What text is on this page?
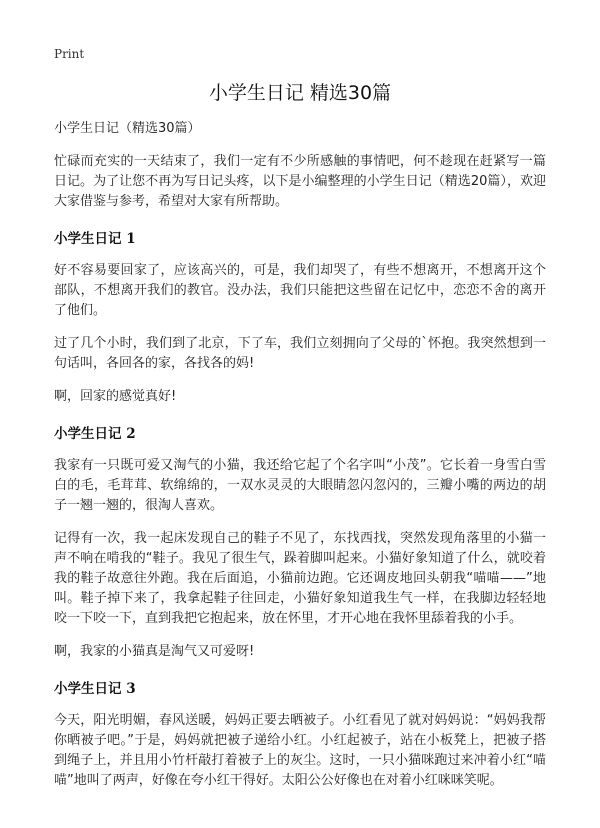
Print
小学生日记 精选30篇

小学生日记（精选30篇）

忙碌而充实的一天结束了，我们一定有不少所感触的事情吧，何不趁现在赶紧写一篇日记。为了让您不再为写日记头疼，以下是小编整理的小学生日记（精选20篇），欢迎大家借鉴与参考，希望对大家有所帮助。

小学生日记 1

好不容易要回家了，应该高兴的，可是，我们却哭了，有些不想离开，不想离开这个部队，不想离开我们的教官。没办法，我们只能把这些留在记忆中，恋恋不舍的离开了他们。

过了几个小时，我们到了北京，下了车，我们立刻拥向了父母的`怀抱。我突然想到一句话叫，各回各的家，各找各的妈!

啊，回家的感觉真好!

小学生日记 2

我家有一只既可爱又淘气的小猫，我还给它起了个名字叫“小茂”。它长着一身雪白雪白的毛，毛茸茸、软绵绵的，一双水灵灵的大眼睛忽闪忽闪的，三瓣小嘴的两边的胡子一翘一翘的，很淘人喜欢。

记得有一次，我一起床发现自己的鞋子不见了，东找西找，突然发现角落里的小猫一声不响在啃我的“鞋子。我见了很生气，跺着脚叫起来。小猫好象知道了什么，就咬着我的鞋子故意往外跑。我在后面追，小猫前边跑。它还调皮地回头朝我“喵喵——”地叫。鞋子掉下来了，我拿起鞋子往回走，小猫好象知道我生气一样，在我脚边轻轻地咬一下咬一下，直到我把它抱起来，放在怀里，才开心地在我怀里舔着我的小手。

啊，我家的小猫真是淘气又可爱呀!

小学生日记 3

今天，阳光明媚，春风送暖，妈妈正要去晒被子。小红看见了就对妈妈说：“妈妈我帮你晒被子吧。”于是，妈妈就把被子递给小红。小红起被子，站在小板凳上，把被子搭到绳子上，并且用小竹杆敲打着被子上的灰尘。这时，一只小猫咪跑过来冲着小红“喵喵”地叫了两声，好像在夸小红干得好。太阳公公好像也在对着小红咪咪笑呢。
